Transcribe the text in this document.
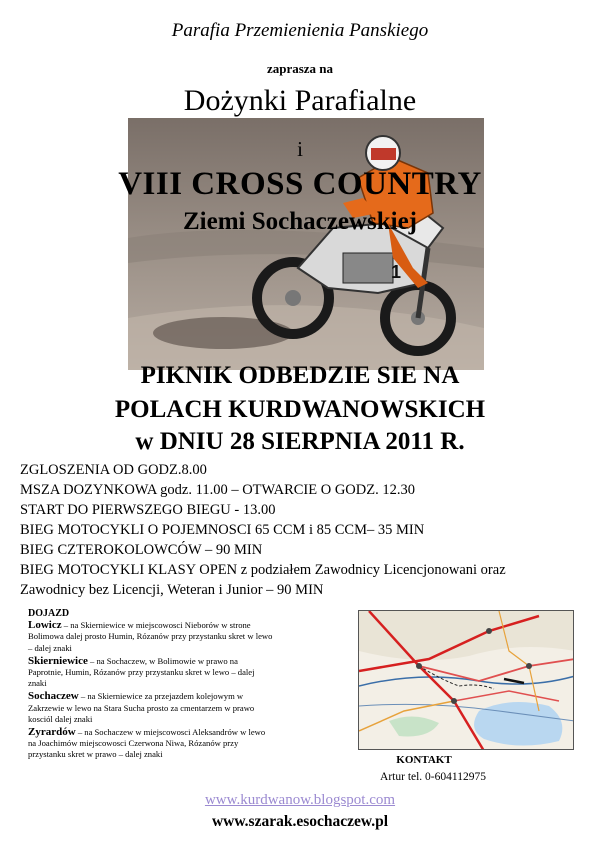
Parafia Przemienienia Panskiego
zaprasza na
1
Dożynki Parafialne
i
VIII CROSS COUNTRY
Ziemi Sochaczewskiej
PIKNIK ODBEDZIE SIE NA
POLACH KURDWANOWSKICH
w DNIU 28 SIERPNIA 2011 R.
ZGLOSZENIA OD GODZ.8.00
MSZA DOZYNKOWA godz. 11.00 – OTWARCIE O GODZ. 12.30
START DO PIERWSZEGO BIEGU - 13.00
BIEG MOTOCYKLI O POJEMNOSCI 65 CCM i 85 CCM– 35 MIN
BIEG CZTEROKOLOWCÓW – 90 MIN
BIEG MOTOCYKLI KLASY OPEN z podziałem Zawodnicy Licencjonowani oraz
Zawodnicy bez Licencji, Weteran i Junior – 90 MIN
DOJAZD
Lowicz – na Skierniewice w miejscowosci Nieborów w strone Bolimowa dalej prosto Humin, Rózanów przy przystanku skret w lewo – dalej znaki
Skierniewice – na Sochaczew, w Bolimowie w prawo na Paprotnie, Humin, Rózanów przy przystanku skret w lewo – dalej znaki
Sochaczew – na Skierniewice za przejazdem kolejowym w Zakrzewie w lewo na Stara Sucha prosto za cmentarzem w prawo kosciól dalej znaki
Zyrardów – na Sochaczew w miejscowosci Aleksandrów w lewo na Joachimów miejscowosci Czerwona Niwa, Rózanów przy przystanku skret w prawo – dalej znaki	KONTAKT
Artur tel. 0-604112975
www.kurdwanow.blogspot.com
www.szarak.esochaczew.pl
